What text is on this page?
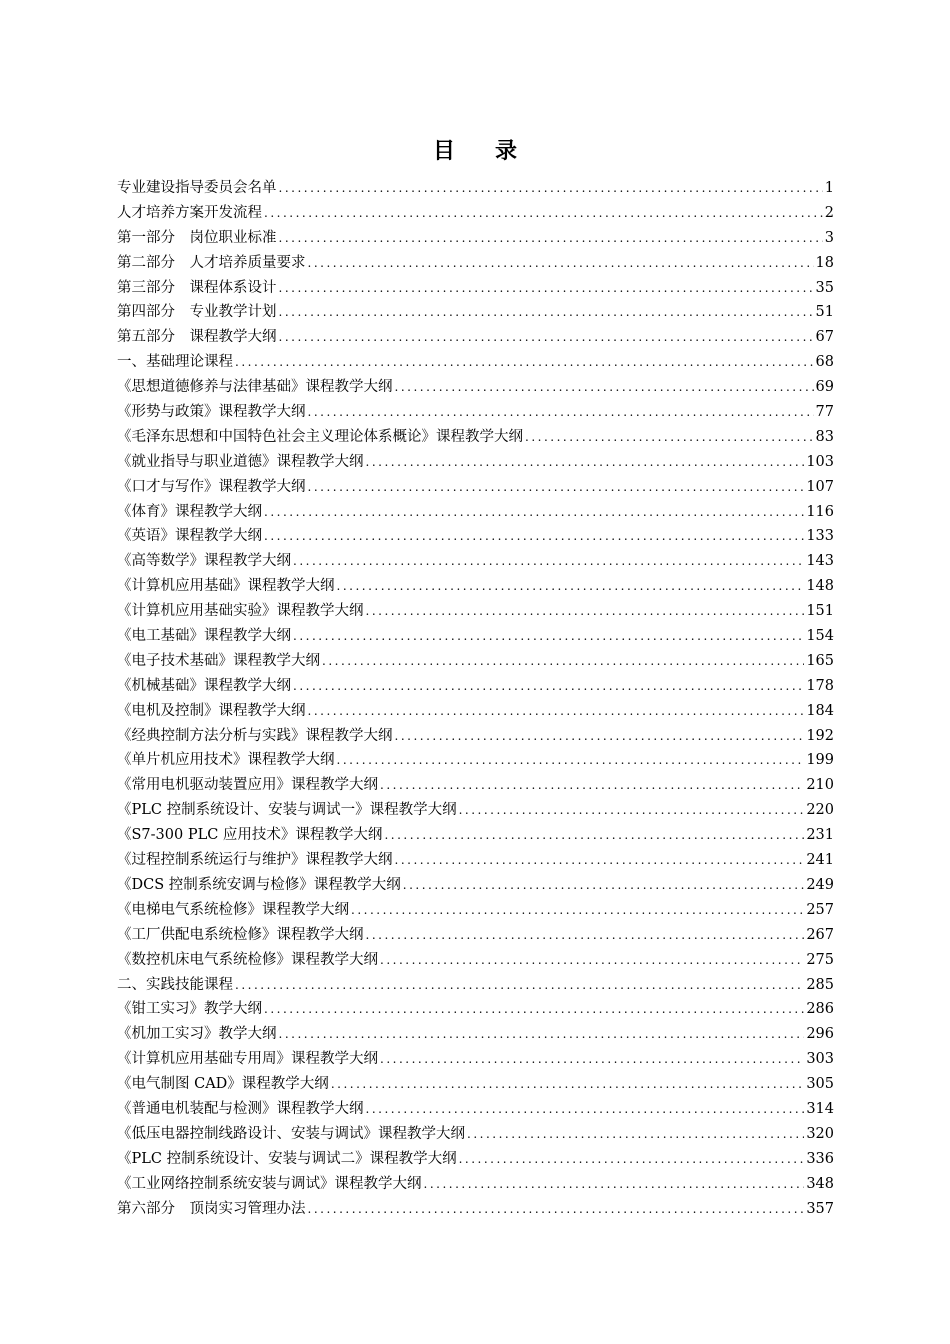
目录
专业建设指导委员会名单 .....	1
人才培养方案开发流程 .....	2
第一部分　岗位职业标准 .....	3
第二部分　人才培养质量要求 .....	18
第三部分　课程体系设计 .....	35
第四部分　专业教学计划 .....	51
第五部分　课程教学大纲 .....	67
一、基础理论课程 .....	68
《思想道德修养与法律基础》课程教学大纲 .....	69
《形势与政策》课程教学大纲 .....	77
《毛泽东思想和中国特色社会主义理论体系概论》课程教学大纲 .....	83
《就业指导与职业道德》课程教学大纲 .....	103
《口才与写作》课程教学大纲 .....	107
《体育》课程教学大纲 .....	116
《英语》课程教学大纲 .....	133
《高等数学》课程教学大纲 .....	143
《计算机应用基础》课程教学大纲 .....	148
《计算机应用基础实验》课程教学大纲 .....	151
《电工基础》课程教学大纲 .....	154
《电子技术基础》课程教学大纲 .....	165
《机械基础》课程教学大纲 .....	178
《电机及控制》课程教学大纲 .....	184
《经典控制方法分析与实践》课程教学大纲 .....	192
《单片机应用技术》课程教学大纲 .....	199
《常用电机驱动装置应用》课程教学大纲 .....	210
《PLC 控制系统设计、安装与调试一》课程教学大纲 .....	220
《S7-300 PLC 应用技术》课程教学大纲 .....	231
《过程控制系统运行与维护》课程教学大纲 .....	241
《DCS 控制系统安调与检修》课程教学大纲 .....	249
《电梯电气系统检修》课程教学大纲 .....	257
《工厂供配电系统检修》课程教学大纲 .....	267
《数控机床电气系统检修》课程教学大纲 .....	275
二、实践技能课程 .....	285
《钳工实习》教学大纲 .....	286
《机加工实习》教学大纲 .....	296
《计算机应用基础专用周》课程教学大纲 .....	303
《电气制图 CAD》课程教学大纲 .....	305
《普通电机装配与检测》课程教学大纲 .....	314
《低压电器控制线路设计、安装与调试》课程教学大纲 .....	320
《PLC 控制系统设计、安装与调试二》课程教学大纲 .....	336
《工业网络控制系统安装与调试》课程教学大纲 .....	348
第六部分　顶岗实习管理办法 .....	357
